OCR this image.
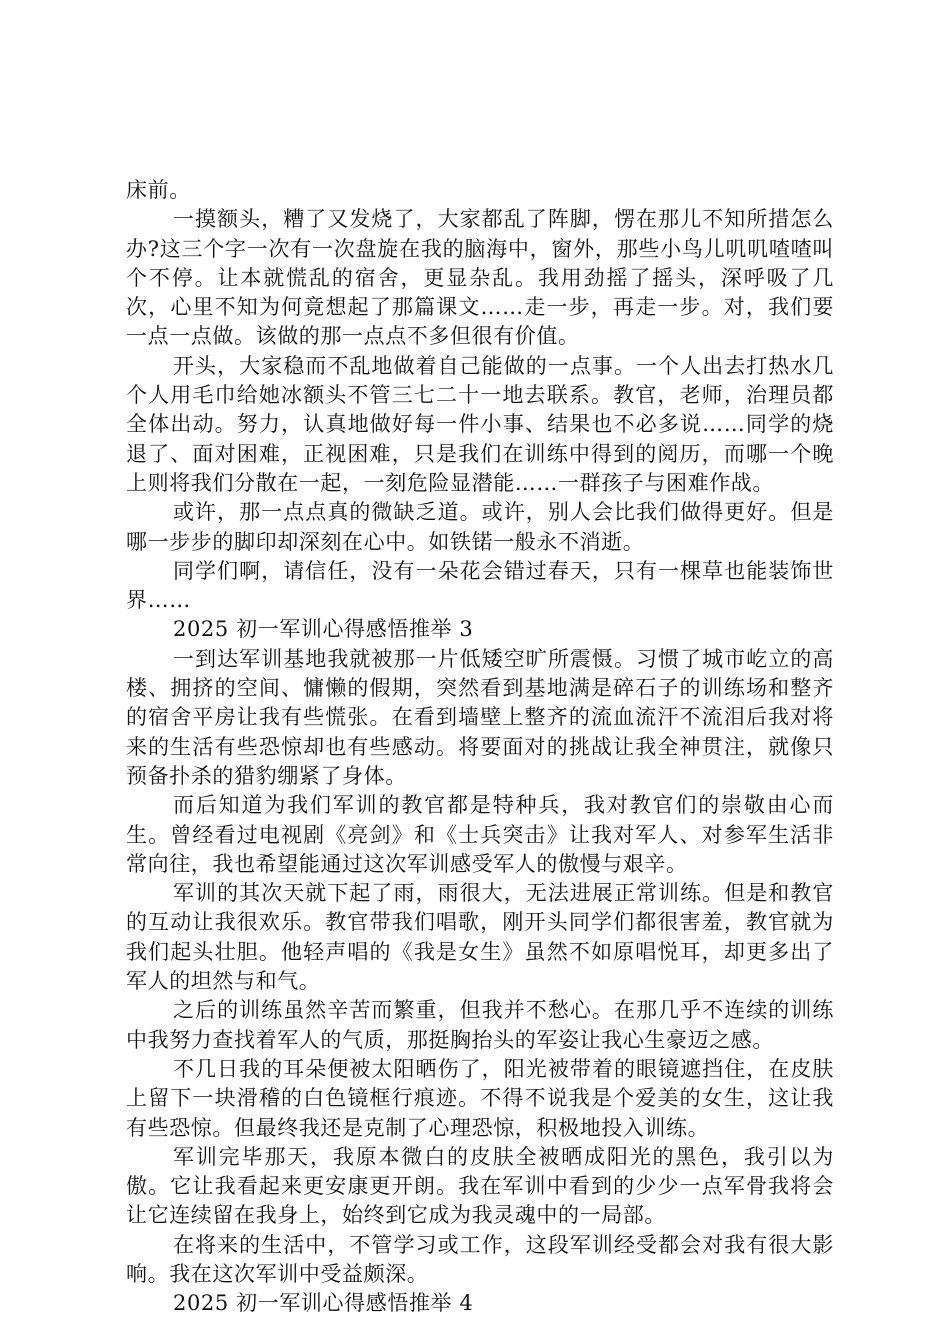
床前。

一摸额头，糟了又发烧了，大家都乱了阵脚，愣在那儿不知所措怎么办?这三个字一次有一次盘旋在我的脑海中，窗外，那些小鸟儿叽叽喳喳叫个不停。让本就慌乱的宿舍，更显杂乱。我用劲摇了摇头，深呼吸了几次，心里不知为何竟想起了那篇课文……走一步，再走一步。对，我们要一点一点做。该做的那一点点不多但很有价值。

开头，大家稳而不乱地做着自己能做的一点事。一个人出去打热水几个人用毛巾给她冰额头不管三七二十一地去联系。教官，老师，治理员都全体出动。努力，认真地做好每一件小事、结果也不必多说……同学的烧退了、面对困难，正视困难，只是我们在训练中得到的阅历，而哪一个晚上则将我们分散在一起，一刻危险显潜能……一群孩子与困难作战。

或许，那一点点真的微缺乏道。或许，别人会比我们做得更好。但是哪一步步的脚印却深刻在心中。如铁锘一般永不消逝。

同学们啊，请信任，没有一朵花会错过春天，只有一棵草也能装饰世界……

2025 初一军训心得感悟推举 3

一到达军训基地我就被那一片低矮空旷所震慑。习惯了城市屹立的高楼、拥挤的空间、慵懒的假期，突然看到基地满是碎石子的训练场和整齐的宿舍平房让我有些慌张。在看到墙壁上整齐的流血流汗不流泪后我对将来的生活有些恐惊却也有些感动。将要面对的挑战让我全神贯注，就像只预备扑杀的猎豹绷紧了身体。

而后知道为我们军训的教官都是特种兵，我对教官们的崇敬由心而生。曾经看过电视剧《亮剑》和《士兵突击》让我对军人、对参军生活非常向往，我也希望能通过这次军训感受军人的傲慢与艰辛。

军训的其次天就下起了雨，雨很大，无法进展正常训练。但是和教官的互动让我很欢乐。教官带我们唱歌，刚开头同学们都很害羞，教官就为我们起头壮胆。他轻声唱的《我是女生》虽然不如原唱悦耳，却更多出了军人的坦然与和气。

之后的训练虽然辛苦而繁重，但我并不愁心。在那几乎不连续的训练中我努力查找着军人的气质，那挺胸抬头的军姿让我心生豪迈之感。

不几日我的耳朵便被太阳晒伤了，阳光被带着的眼镜遮挡住，在皮肤上留下一块滑稽的白色镜框行痕迹。不得不说我是个爱美的女生，这让我有些恐惊。但最终我还是克制了心理恐惊，积极地投入训练。

军训完毕那天，我原本微白的皮肤全被晒成阳光的黑色，我引以为傲。它让我看起来更安康更开朗。我在军训中看到的少少一点军骨我将会让它连续留在我身上，始终到它成为我灵魂中的一局部。

在将来的生活中，不管学习或工作，这段军训经受都会对我有很大影响。我在这次军训中受益颇深。

2025 初一军训心得感悟推举 4
